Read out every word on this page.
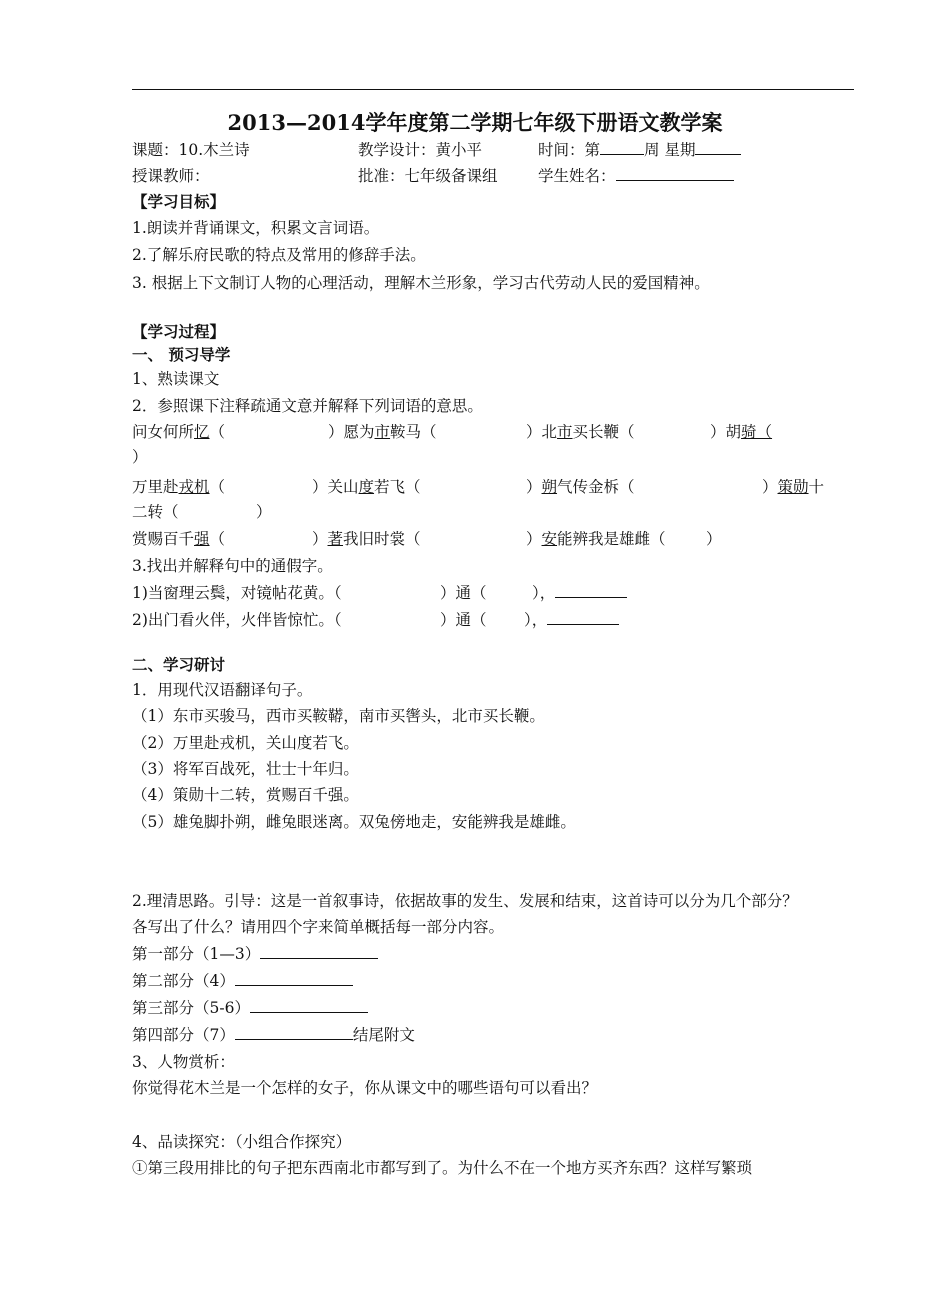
2013—2014学年度第二学期七年级下册语文教学案
课题：10.木兰诗	教学设计：黄小平	时间：第	周 星期
授课教师：	批准：七年级备课组	学生姓名：
【学习目标】
1.朗读并背诵课文，积累文言词语。
2.了解乐府民歌的特点及常用的修辞手法。
3. 根据上下文制订人物的心理活动，理解木兰形象，学习古代劳动人民的爱国精神。
【学习过程】
一、 预习导学
1、熟读课文
2．参照课下注释疏通文意并解释下列词语的意思。
问女何所忆（	）愿为市鞍马（	）北市买长鞭（	）胡骑（
）
万里赴戎机（	）关山度若飞（	）朔气传金柝（	）策勋十
二转（	）
赏赐百千强（	）著我旧时裳（	）安能辨我是雄雌（	）
3.找出并解释句中的通假字。
1)当窗理云鬓，对镜帖花黄。（	）通（	），
2)出门看火伴，火伴皆惊忙。（	）通（ ），
二、学习研讨
1．用现代汉语翻译句子。
（1）东市买骏马，西市买鞍鞯，南市买辔头，北市买长鞭。
（2）万里赴戎机，关山度若飞。
（3）将军百战死，壮士十年归。
（4）策勋十二转，赏赐百千强。
（5）雄兔脚扑朔，雌兔眼迷离。双兔傍地走，安能辨我是雄雌。
2.理清思路。引导：这是一首叙事诗，依据故事的发生、发展和结束，这首诗可以分为几个部分？
各写出了什么？请用四个字来简单概括每一部分内容。
第一部分（1—3）
第二部分（4）
第三部分（5-6）
第四部分（7）	结尾附文
3、人物赏析：
你觉得花木兰是一个怎样的女子，你从课文中的哪些语句可以看出？
4、品读探究：（小组合作探究）
①第三段用排比的句子把东西南北市都写到了。为什么不在一个地方买齐东西？这样写繁琐
